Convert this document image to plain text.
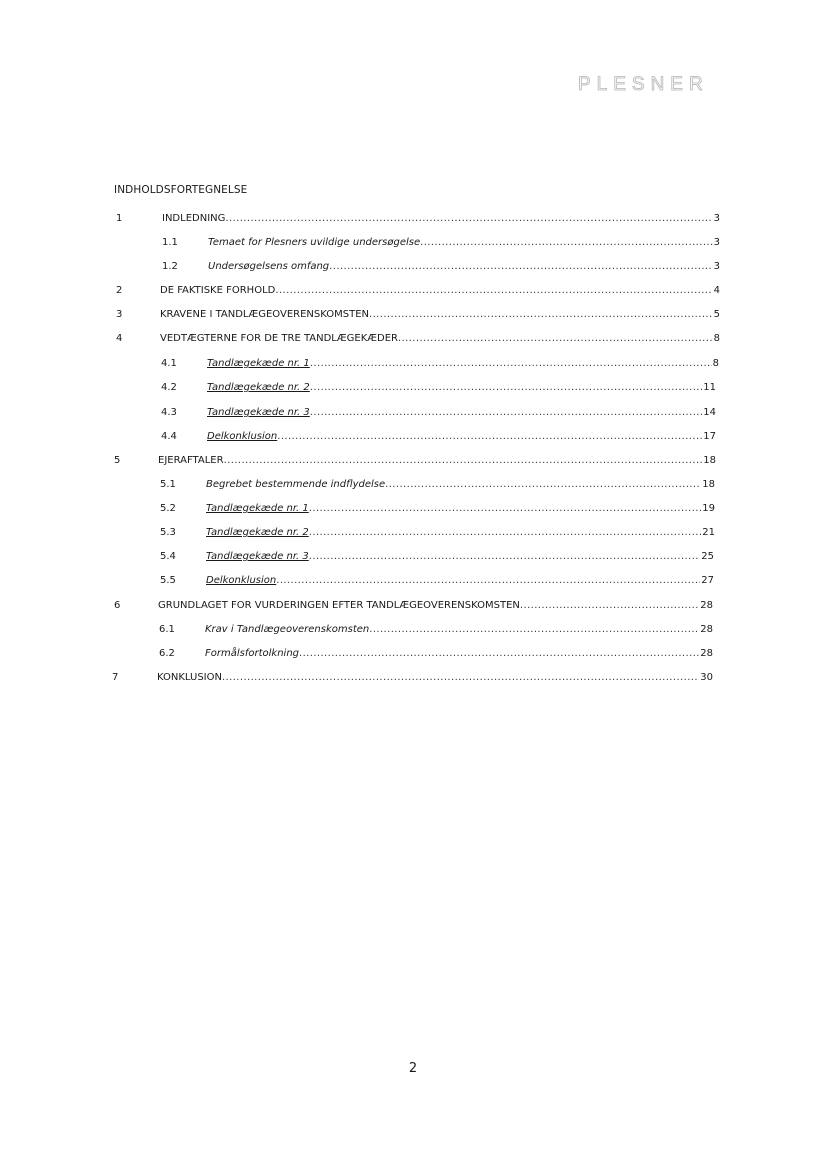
PLESNER
INDHOLDSFORTEGNELSE
1	INDLEDNING .....	3
1.1	Temaet for Plesners uvildige undersøgelse .....	3
1.2	Undersøgelsens omfang .....	3
2	DE FAKTISKE FORHOLD .....	4
3	KRAVENE I TANDLÆGEOVERENSKOMSTEN .....	5
4	VEDTÆGTERNE FOR DE TRE TANDLÆGEKÆDER .....	8
4.1	Tandlægekæde nr. 1 .....	8
4.2	Tandlægekæde nr. 2 .....	11
4.3	Tandlægekæde nr. 3 .....	14
4.4	Delkonklusion .....	17
5	EJERAFTALER .....	18
5.1	Begrebet bestemmende indflydelse .....	18
5.2	Tandlægekæde nr. 1 .....	19
5.3	Tandlægekæde nr. 2 .....	21
5.4	Tandlægekæde nr. 3 .....	25
5.5	Delkonklusion .....	27
6	GRUNDLAGET FOR VURDERINGEN EFTER TANDLÆGEOVERENSKOMSTEN .....	28
6.1	Krav i Tandlægeoverenskomsten .....	28
6.2	Formålsfortolkning .....	28
7	KONKLUSION .....	30
2
